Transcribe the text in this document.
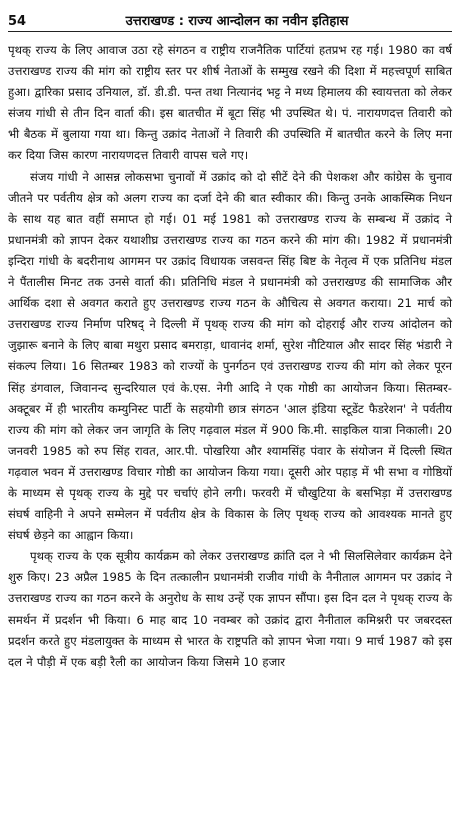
54	उत्तराखण्ड : राज्य आन्दोलन का नवीन इतिहास

पृथक् राज्य के लिए आवाज उठा रहे संगठन व राष्ट्रीय राजनैतिक पार्टियां हतप्रभ रह गई। 1980 का वर्ष उत्तराखण्ड राज्य की मांग को राष्ट्रीय स्तर पर शीर्ष नेताओं के सम्मुख रखने की दिशा में महत्त्वपूर्ण साबित हुआ। द्वारिका प्रसाद उनियाल, डॉ. डी.डी. पन्त तथा नित्यानंद भट्ट ने मध्य हिमालय की स्वायत्तता को लेकर संजय गांधी से तीन दिन वार्ता की। इस बातचीत में बूटा सिंह भी उपस्थित थे। पं. नारायणदत्त तिवारी को भी बैठक में बुलाया गया था। किन्तु उक्रांद नेताओं ने तिवारी की उपस्थिति में बातचीत करने के लिए मना कर दिया जिस कारण नारायणदत्त तिवारी वापस चले गए।

संजय गांधी ने आसन्न लोकसभा चुनावों में उक्रांद को दो सीटें देने की पेशकश और कांग्रेस के चुनाव जीतने पर पर्वतीय क्षेत्र को अलग राज्य का दर्जा देने की बात स्वीकार की। किन्तु उनके आकस्मिक निधन के साथ यह बात वहीं समाप्त हो गई। 01 मई 1981 को उत्तराखण्ड राज्य के सम्बन्ध में उक्रांद ने प्रधानमंत्री को ज्ञापन देकर यथाशीघ्र उत्तराखण्ड राज्य का गठन करने की मांग की। 1982 में प्रधानमंत्री इन्दिरा गांधी के बदरीनाथ आगमन पर उक्रांद विधायक जसवन्त सिंह बिष्ट के नेतृत्व में एक प्रतिनिध मंडल ने पैंतालीस मिनट तक उनसे वार्ता की। प्रतिनिधि मंडल ने प्रधानमंत्री को उत्तराखण्ड की सामाजिक और आर्थिक दशा से अवगत कराते हुए उत्तराखण्ड राज्य गठन के औचित्य से अवगत कराया। 21 मार्च को उत्तराखण्ड राज्य निर्माण परिषद् ने दिल्ली में पृथक् राज्य की मांग को दोहराई और राज्य आंदोलन को जुझारू बनाने के लिए बाबा मथुरा प्रसाद बमराड़ा, धावानंद शर्मा, सुरेश नौटियाल और सादर सिंह भंडारी ने संकल्प लिया। 16 सितम्बर 1983 को राज्यों के पुनर्गठन एवं उत्तराखण्ड राज्य की मांग को लेकर पूरन सिंह डंगवाल, जिवानन्द सुन्दरियाल एवं के.एस. नेगी आदि ने एक गोष्ठी का आयोजन किया। सितम्बर-अक्टूबर में ही भारतीय कम्युनिस्ट पार्टी के सहयोगी छात्र संगठन 'आल इंडिया स्टूडेंट फैडरेशन' ने पर्वतीय राज्य की मांग को लेकर जन जागृति के लिए गढ़वाल मंडल में 900 कि.मी. साइकिल यात्रा निकाली। 20 जनवरी 1985 को रुप सिंह रावत, आर.पी. पोखरिया और श्यामसिंह पंवार के संयोजन में दिल्ली स्थित गढ़वाल भवन में उत्तराखण्ड विचार गोष्ठी का आयोजन किया गया। दूसरी ओर पहाड़ में भी सभा व गोष्ठियों के माध्यम से पृथक् राज्य के मुद्दे पर चर्चाएं होने लगी। फरवरी में चौखुटिया के बसभिड़ा में उत्तराखण्ड संघर्ष वाहिनी ने अपने सम्मेलन में पर्वतीय क्षेत्र के विकास के लिए पृथक् राज्य को आवश्यक मानते हुए संघर्ष छेड़ने का आह्वान किया।

पृथक् राज्य के एक सूत्रीय कार्यक्रम को लेकर उत्तराखण्ड क्रांति दल ने भी सिलसिलेवार कार्यक्रम देने शुरु किए। 23 अप्रैल 1985 के दिन तत्कालीन प्रधानमंत्री राजीव गांधी के नैनीताल आगमन पर उक्रांद ने उत्तराखण्ड राज्य का गठन करने के अनुरोध के साथ उन्हें एक ज्ञापन सौंपा। इस दिन दल ने पृथक् राज्य के समर्थन में प्रदर्शन भी किया। 6 माह बाद 10 नवम्बर को उक्रांद द्वारा नैनीताल कमिश्नरी पर जबरदस्त प्रदर्शन करते हुए मंडलायुक्त के माध्यम से भारत के राष्ट्रपति को ज्ञापन भेजा गया। 9 मार्च 1987 को इस दल ने पौड़ी में एक बड़ी रैली का आयोजन किया जिसमे 10 हजार
